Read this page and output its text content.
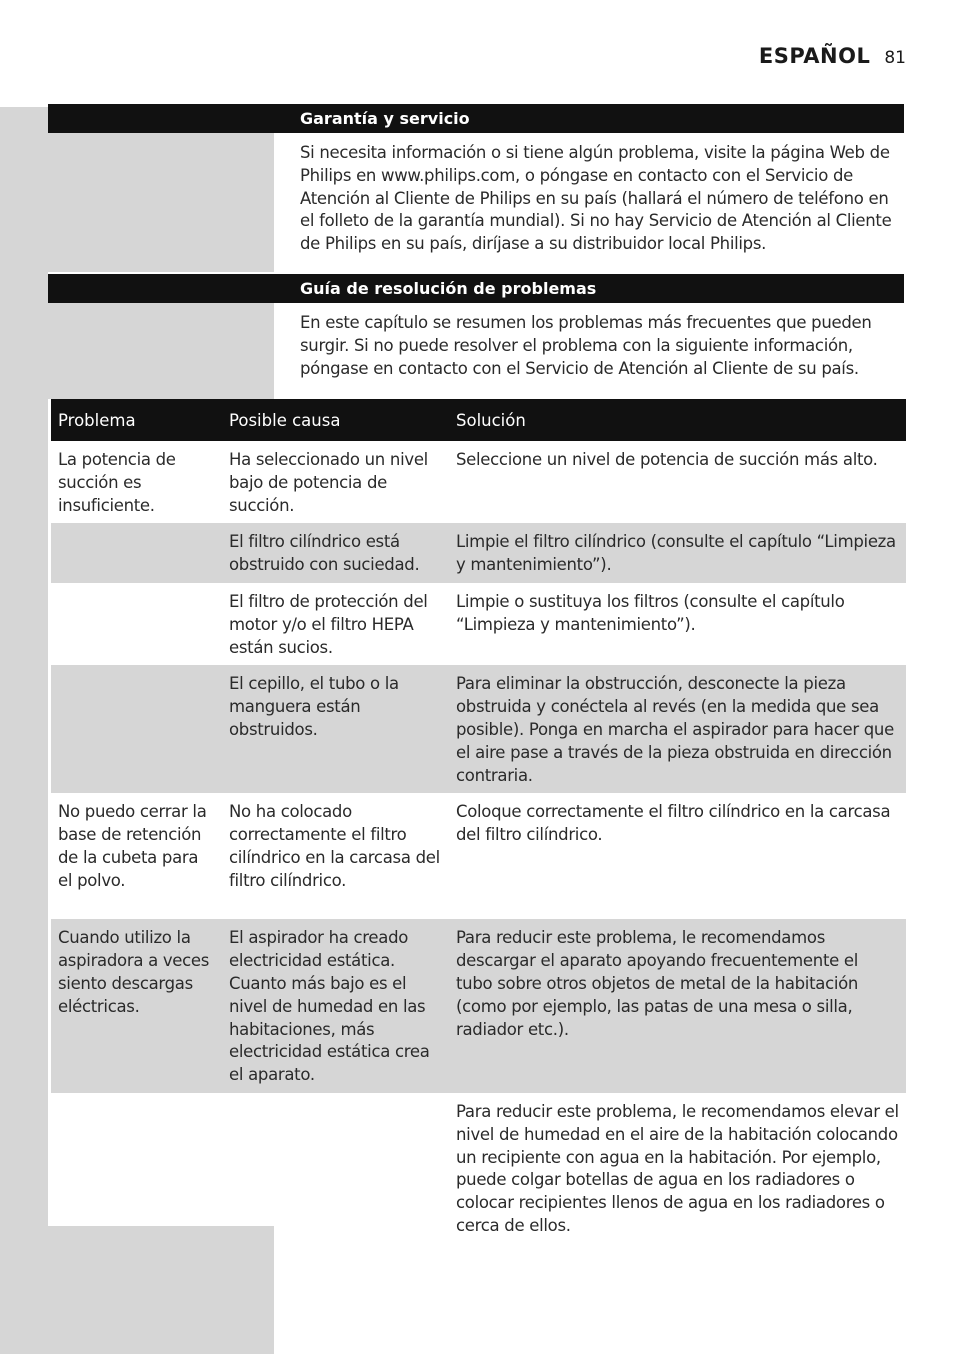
ESPAÑOL 81
Garantía y servicio

Si necesita información o si tiene algún problema, visite la página Web de Philips en www.philips.com, o póngase en contacto con el Servicio de Atención al Cliente de Philips en su país (hallará el número de teléfono en el folleto de la garantía mundial). Si no hay Servicio de Atención al Cliente de Philips en su país, diríjase a su distribuidor local Philips.

Guía de resolución de problemas

En este capítulo se resumen los problemas más frecuentes que pueden surgir. Si no puede resolver el problema con la siguiente información, póngase en contacto con el Servicio de Atención al Cliente de su país.

Problema	Posible causa	Solución
La potencia de succión es insuficiente.	Ha seleccionado un nivel bajo de potencia de succión.	Seleccione un nivel de potencia de succión más alto.
	El filtro cilíndrico está obstruido con suciedad.	Limpie el filtro cilíndrico (consulte el capítulo “Limpieza y mantenimiento”).
	El filtro de protección del motor y/o el filtro HEPA están sucios.	Limpie o sustituya los filtros (consulte el capítulo “Limpieza y mantenimiento”).
	El cepillo, el tubo o la manguera están obstruidos.	Para eliminar la obstrucción, desconecte la pieza obstruida y conéctela al revés (en la medida que sea posible). Ponga en marcha el aspirador para hacer que el aire pase a través de la pieza obstruida en dirección contraria.
No puedo cerrar la base de retención de la cubeta para el polvo.	No ha colocado correctamente el filtro cilíndrico en la carcasa del filtro cilíndrico.	Coloque correctamente el filtro cilíndrico en la carcasa del filtro cilíndrico.
Cuando utilizo la aspiradora a veces siento descargas eléctricas.	El aspirador ha creado electricidad estática. Cuanto más bajo es el nivel de humedad en las habitaciones, más electricidad estática crea el aparato.	Para reducir este problema, le recomendamos descargar el aparato apoyando frecuentemente el tubo sobre otros objetos de metal de la habitación (como por ejemplo, las patas de una mesa o silla, radiador etc.).
		Para reducir este problema, le recomendamos elevar el nivel de humedad en el aire de la habitación colocando un recipiente con agua en la habitación. Por ejemplo, puede colgar botellas de agua en los radiadores o colocar recipientes llenos de agua en los radiadores o cerca de ellos.
